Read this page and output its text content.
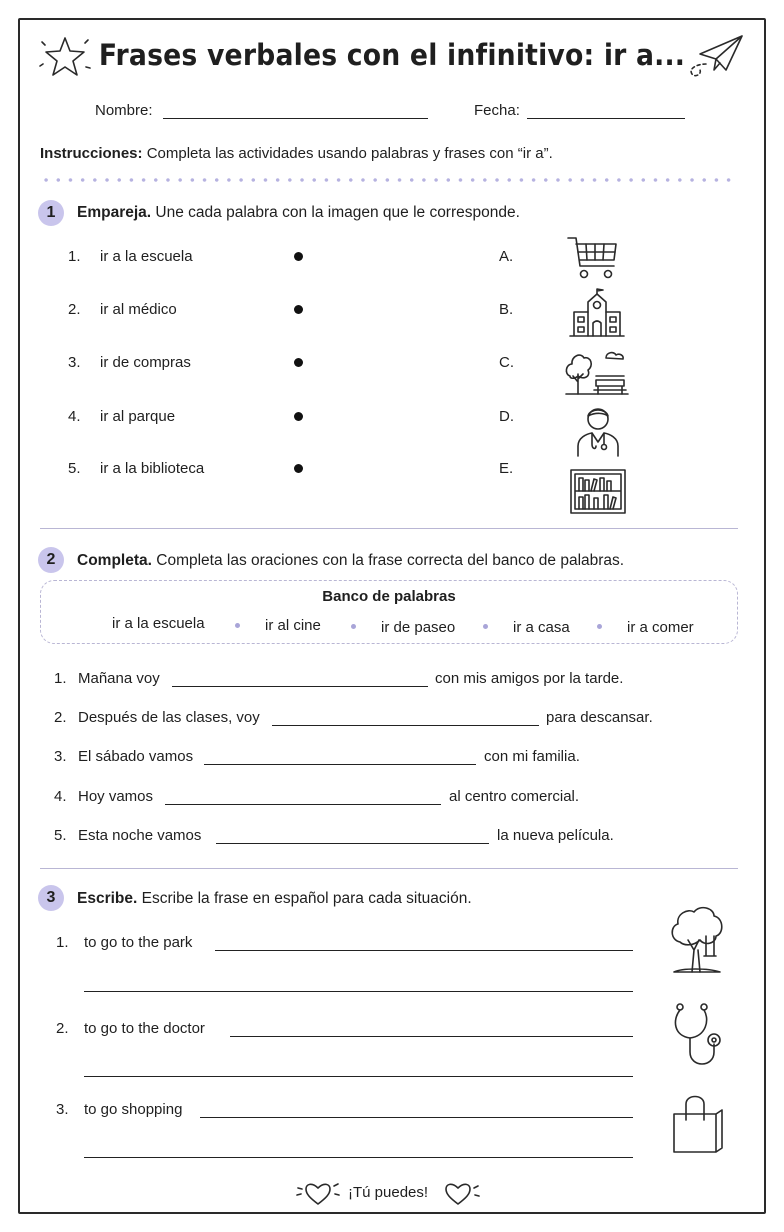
Frases verbales con el infinitivo: ir a...
Nombre:	Fecha:
Instrucciones: Completa las actividades usando palabras y frases con “ir a”.
1	Empareja. Une cada palabra con la imagen que le corresponde.
1. ir a la escuela	A.
2. ir al médico	B.
3. ir de compras	C.
4. ir al parque	D.
5. ir a la biblioteca	E.
2	Completa. Completa las oraciones con la frase correcta del banco de palabras.
Banco de palabras
ir a la escuela	ir al cine	ir de paseo	ir a casa	ir a comer
1. Mañana voy	con mis amigos por la tarde.
2. Después de las clases, voy	para descansar.
3. El sábado vamos	con mi familia.
4. Hoy vamos	al centro comercial.
5. Esta noche vamos	la nueva película.
3	Escribe. Escribe la frase en español para cada situación.
1. to go to the park
2. to go to the doctor
3. to go shopping
¡Tú puedes!
